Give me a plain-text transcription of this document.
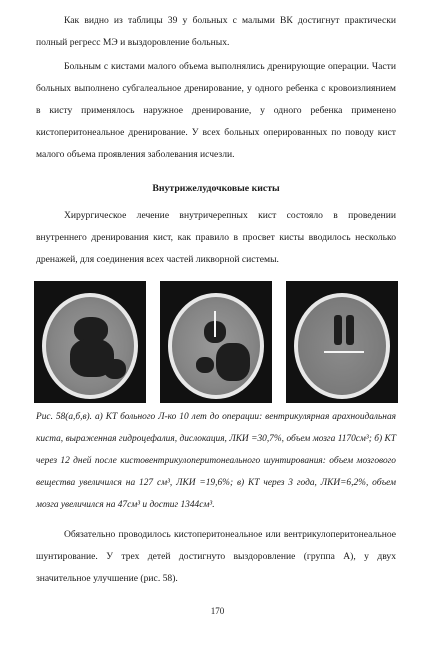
Как видно из таблицы 39 у больных с малыми ВК достигнут практически полный регресс МЭ и выздоровление больных.

Больным с кистами малого объема выполнялись дренирующие операции. Части больных выполнено субгалеальное дренирование, у одного ребенка с кровоизлиянием в кисту применялось наружное дренирование, у одного ребенка применено кистоперитонеальное дренирование. У всех больных оперированных по поводу кист малого объема проявления заболевания исчезли.

Внутрижелудочковые кисты

Хирургическое лечение внутричерепных кист состояло в проведении внутреннего дренирования кист, как правило в просвет кисты вводилось несколько дренажей, для соединения всех частей ликворной системы.

Рис. 58(а,б,в). а) КТ больного Л-ко 10 лет до операции: вентрикулярная арахноидальная киста, выраженная гидроцефалия, дислокация, ЛКИ =30,7%, объем мозга 1170см³; б) КТ через 12 дней после кистовентрикулоперитонеального шунтирования: объем мозгового вещества увеличился на 127 см³, ЛКИ =19,6%; в) КТ через 3 года, ЛКИ=6,2%, объем мозга увеличился на 47см³ и достиг 1344см³.

Обязательно проводилось кистоперитонеальное или вентрикулоперитонеальное шунтирование. У трех детей достигнуто выздоровление (группа А), у двух значительное улучшение (рис. 58).

170
